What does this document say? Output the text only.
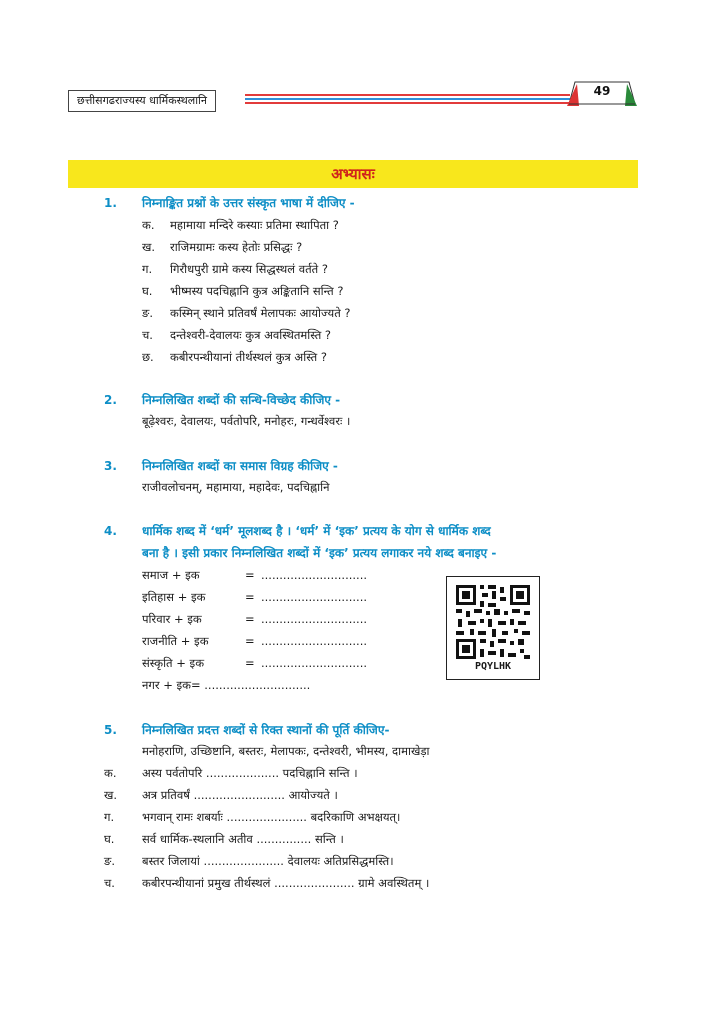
छत्तीसगढराज्यस्य धार्मिकस्थलानि
49
अभ्यासः
1.	निम्नाङ्कित प्रश्नों के उत्तर संस्कृत भाषा में दीजिए -
क. महामाया मन्दिरे कस्याः प्रतिमा स्थापिता ?
ख. राजिमग्रामः कस्य हेतोः प्रसिद्धः ?
ग. गिरौधपुरी ग्रामे कस्य सिद्धस्थलं वर्तते ?
घ. भीष्मस्य पदचिह्नानि कुत्र अङ्कितानि सन्ति ?
ङ. कस्मिन् स्थाने प्रतिवर्षं मेलापकः आयोज्यते ?
च. दन्तेश्वरी-देवालयः कुत्र अवस्थितमस्ति ?
छ. कबीरपन्थीयानां तीर्थस्थलं कुत्र अस्ति ?
2.	निम्नलिखित शब्दों की सन्धि-विच्छेद कीजिए -
बूढ़ेश्वरः, देवालयः, पर्वतोपरि, मनोहरः, गन्धर्वेश्वरः ।
3.	निम्नलिखित शब्दों का समास विग्रह कीजिए -
राजीवलोचनम्, महामाया, महादेवः, पदचिह्नानि
4.	धार्मिक शब्द में ‘धर्म’ मूलशब्द है । ‘धर्म’ में ‘इक’ प्रत्यय के योग से धार्मिक शब्द
बना है । इसी प्रकार निम्नलिखित शब्दों में ‘इक’ प्रत्यय लगाकर नये शब्द बनाइए -
समाज + इक	= .............................
इतिहास + इक	= .............................
परिवार + इक	= .............................
राजनीति + इक	= .............................
संस्कृति + इक	= .............................
नगर + इक= .............................
PQYLHK
5.	निम्नलिखित प्रदत्त शब्दों से रिक्त स्थानों की पूर्ति कीजिए-
मनोहराणि, उच्छिष्टानि, बस्तरः, मेलापकः, दन्तेश्वरी, भीमस्य, दामाखेड़ा
क. अस्य पर्वतोपरि .................... पदचिह्नानि सन्ति ।
ख. अत्र प्रतिवर्षं ......................... आयोज्यते ।
ग. भगवान् रामः शबर्याः ...................... बदरिकाणि अभक्षयत्।
घ. सर्व धार्मिक-स्थलानि अतीव ............... सन्ति ।
ङ. बस्तर जिलायां ...................... देवालयः अतिप्रसिद्धमस्ति।
च. कबीरपन्थीयानां प्रमुख तीर्थस्थलं ...................... ग्रामे अवस्थितम् ।
